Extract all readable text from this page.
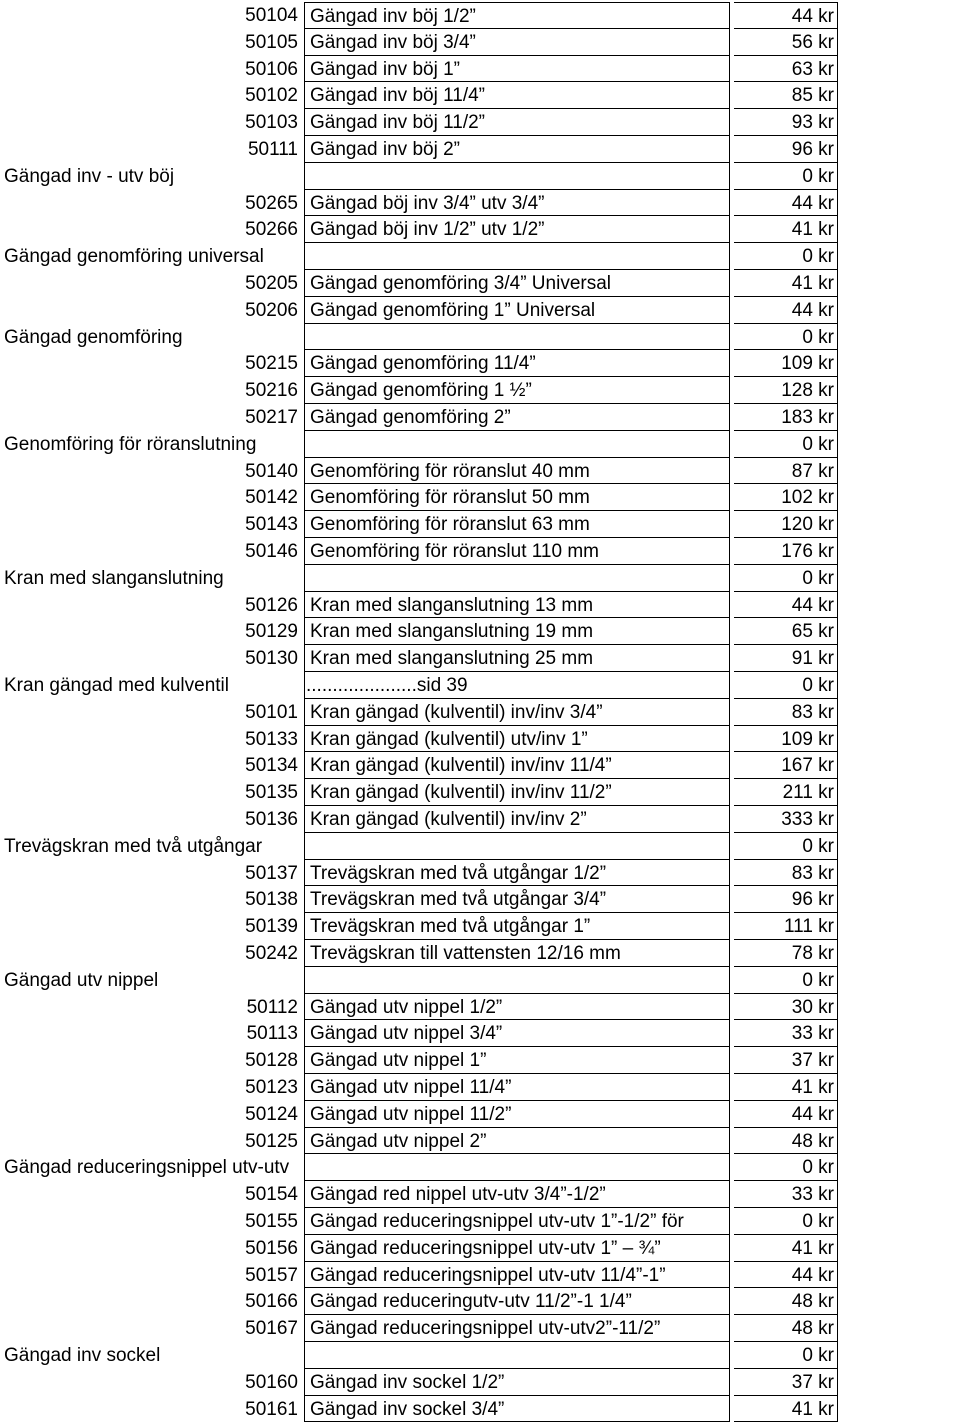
50104 Gängad inv böj 1/2”	44 kr
50105 Gängad inv böj 3/4”	56 kr
50106 Gängad inv böj 1”	63 kr
50102 Gängad inv böj 11/4”	85 kr
50103 Gängad inv böj 11/2”	93 kr
50111 Gängad inv böj 2”	96 kr
Gängad inv - utv böj	0 kr
50265 Gängad böj inv 3/4” utv 3/4”	44 kr
50266 Gängad böj inv 1/2” utv 1/2”	41 kr
Gängad genomföring universal	0 kr
50205 Gängad genomföring 3/4” Universal	41 kr
50206 Gängad genomföring 1” Universal	44 kr
Gängad genomföring	0 kr
50215 Gängad genomföring 11/4”	109 kr
50216 Gängad genomföring 1 ½”	128 kr
50217 Gängad genomföring 2”	183 kr
Genomföring för röranslutning	0 kr
50140 Genomföring för röranslut 40 mm	87 kr
50142 Genomföring för röranslut 50 mm	102 kr
50143 Genomföring för röranslut 63 mm	120 kr
50146 Genomföring för röranslut 110 mm	176 kr
Kran med slanganslutning	0 kr
50126 Kran med slanganslutning 13 mm	44 kr
50129 Kran med slanganslutning 19 mm	65 kr
50130 Kran med slanganslutning 25 mm	91 kr
Kran gängad med kulventil	.....................sid 39	0 kr
50101 Kran gängad (kulventil) inv/inv 3/4”	83 kr
50133 Kran gängad (kulventil) utv/inv 1”	109 kr
50134 Kran gängad (kulventil) inv/inv 11/4”	167 kr
50135 Kran gängad (kulventil) inv/inv 11/2”	211 kr
50136 Kran gängad (kulventil) inv/inv 2”	333 kr
Trevägskran med två utgångar	0 kr
50137 Trevägskran med två utgångar 1/2”	83 kr
50138 Trevägskran med två utgångar 3/4”	96 kr
50139 Trevägskran med två utgångar 1”	111 kr
50242 Trevägskran till vattensten 12/16 mm	78 kr
Gängad utv nippel	0 kr
50112 Gängad utv nippel 1/2”	30 kr
50113 Gängad utv nippel 3/4”	33 kr
50128 Gängad utv nippel 1”	37 kr
50123 Gängad utv nippel 11/4”	41 kr
50124 Gängad utv nippel 11/2”	44 kr
50125 Gängad utv nippel 2”	48 kr
Gängad reduceringsnippel utv-utv	0 kr
50154 Gängad red nippel utv-utv 3/4”-1/2”	33 kr
50155 Gängad reduceringsnippel utv-utv 1”-1/2” för	0 kr
50156 Gängad reduceringsnippel utv-utv 1” – ¾”	41 kr
50157 Gängad reduceringsnippel utv-utv 11/4”-1”	44 kr
50166 Gängad reduceringutv-utv 11/2”-1 1/4”	48 kr
50167 Gängad reduceringsnippel utv-utv2”-11/2”	48 kr
Gängad inv sockel	0 kr
50160 Gängad inv sockel 1/2”	37 kr
50161 Gängad inv sockel 3/4”	41 kr
